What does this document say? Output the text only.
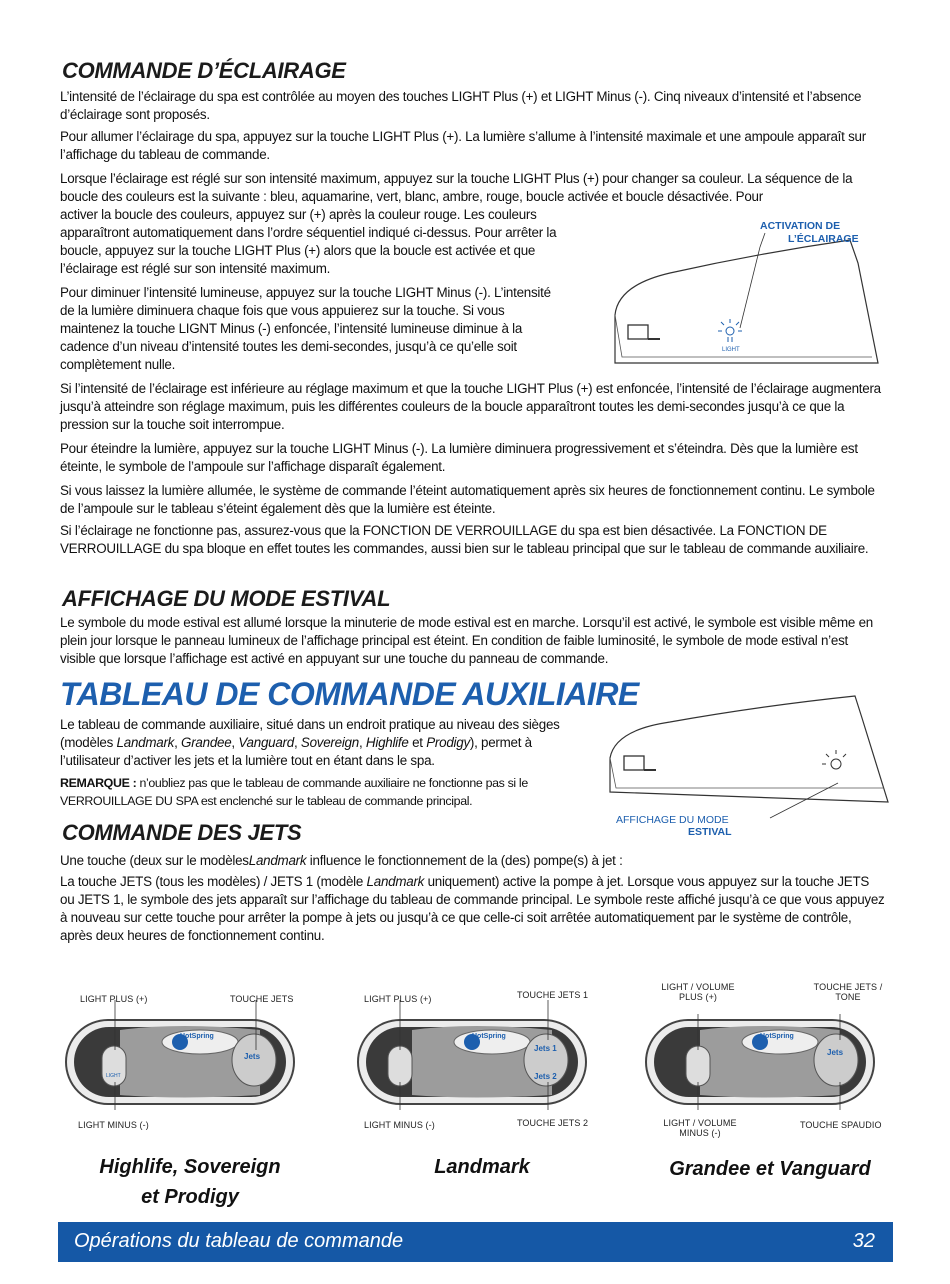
COMMANDE D’ÉCLAIRAGE

L’intensité de l’éclairage du spa est contrôlée au moyen des touches LIGHT Plus (+) et LIGHT Minus (-). Cinq niveaux d’intensité et l’absence d’éclairage sont proposés.

Pour allumer l’éclairage du spa, appuyez sur la touche LIGHT Plus (+). La lumière s’allume à l’intensité maximale et une ampoule apparaît sur l’affichage du tableau de commande.

Lorsque l’éclairage est réglé sur son intensité maximum, appuyez sur la touche LIGHT Plus (+) pour changer sa couleur. La séquence de la boucle des couleurs est la suivante : bleu, aquamarine, vert, blanc, ambre, rouge, boucle activée et boucle désactivée. Pour

activer la boucle des couleurs, appuyez sur (+) après la couleur rouge. Les couleurs apparaîtront automatiquement dans l’ordre séquentiel indiqué ci-dessus. Pour arrêter la boucle, appuyez sur la touche LIGHT Plus (+) alors que la boucle est activée et que l’éclairage est réglé sur son intensité maximum.

Pour diminuer l’intensité lumineuse, appuyez sur la touche LIGHT Minus (-). L’intensité de la lumière diminuera chaque fois que vous appuierez sur la touche. Si vous maintenez la touche LIGNT Minus (-) enfoncée, l’intensité lumineuse diminue à la cadence d’un niveau d’intensité toutes les demi-secondes, jusqu’à ce qu’elle soit complètement nulle.

Si l’intensité de l’éclairage est inférieure au réglage maximum et que la touche LIGHT Plus (+) est enfoncée, l’intensité de l’éclairage augmentera jusqu’à atteindre son réglage maximum, puis les différentes couleurs de la boucle apparaîtront toutes les demi-secondes jusqu’à ce que la pression sur la touche soit interrompue.

Pour éteindre la lumière, appuyez sur la touche LIGHT Minus (-). La lumière diminuera progressivement et s’éteindra. Dès que la lumière est éteinte, le symbole de l’ampoule sur l’affichage disparaît également.

Si vous laissez la lumière allumée, le système de commande l’éteint automatiquement après six heures de fonctionnement continu. Le symbole de l’ampoule sur le tableau s’éteint également dès que la lumière est éteinte.

Si l’éclairage ne fonctionne pas, assurez-vous que la FONCTION DE VERROUILLAGE du spa est bien désactivée. La FONCTION DE VERROUILLAGE du spa bloque en effet toutes les commandes, aussi bien sur le tableau principal que sur le tableau de commande auxiliaire.

ACTIVATION DE
L’ÉCLAIRAGE
LIGHT
AFFICHAGE DU MODE ESTIVAL

Le symbole du mode estival est allumé lorsque la minuterie de mode estival est en marche. Lorsqu’il est activé, le symbole est visible même en plein jour lorsque le panneau lumineux de l’affichage principal est éteint. En condition de faible luminosité, le symbole de mode estival n’est visible que lorsque l’affichage est activé en appuyant sur une touche du panneau de commande.

TABLEAU DE COMMANDE AUXILIAIRE

Le tableau de commande auxiliaire, situé dans un endroit pratique au niveau des sièges (modèles Landmark, Grandee, Vanguard, Sovereign, Highlife et Prodigy), permet à l’utilisateur d’activer les jets et la lumière tout en étant dans le spa.

REMARQUE : n’oubliez pas que le tableau de commande auxiliaire ne fonctionne pas si le VERROUILLAGE DU SPA est enclenché sur le tableau de commande principal.

AFFICHAGE DU MODE
ESTIVAL
COMMANDE DES JETS

Une touche (deux sur le modèlesLandmark influence le fonctionnement de la (des) pompe(s) à jet :

La touche JETS (tous les modèles) / JETS 1 (modèle Landmark uniquement) active la pompe à jet. Lorsque vous appuyez sur la touche JETS ou JETS 1, le symbole des jets apparaît sur l’affichage du tableau de commande principal. Le symbole reste affiché jusqu’à ce que vous appuyez à nouveau sur cette touche pour arrêter la pompe à jets ou jusqu’à ce que celle-ci soit arrêtée automatiquement par le système de contrôle, après deux heures de fonctionnement continu.

LIGHT PLUS (+)	TOUCHE JETS
HotSpring
LIGHT
Jets
LIGHT MINUS (-)
Highlife, Sovereign
et Prodigy
LIGHT PLUS (+)	TOUCHE JETS 1
HotSpring
Jets 1
Jets 2
LIGHT MINUS (-)	TOUCHE JETS 2
Landmark
LIGHT / VOLUME PLUS (+)
TOUCHE JETS / TONE
HotSpring
Jets
LIGHT / VOLUME MINUS (-)
TOUCHE SPAUDIO
Grandee et Vanguard
Opérations du tableau de commande	32
